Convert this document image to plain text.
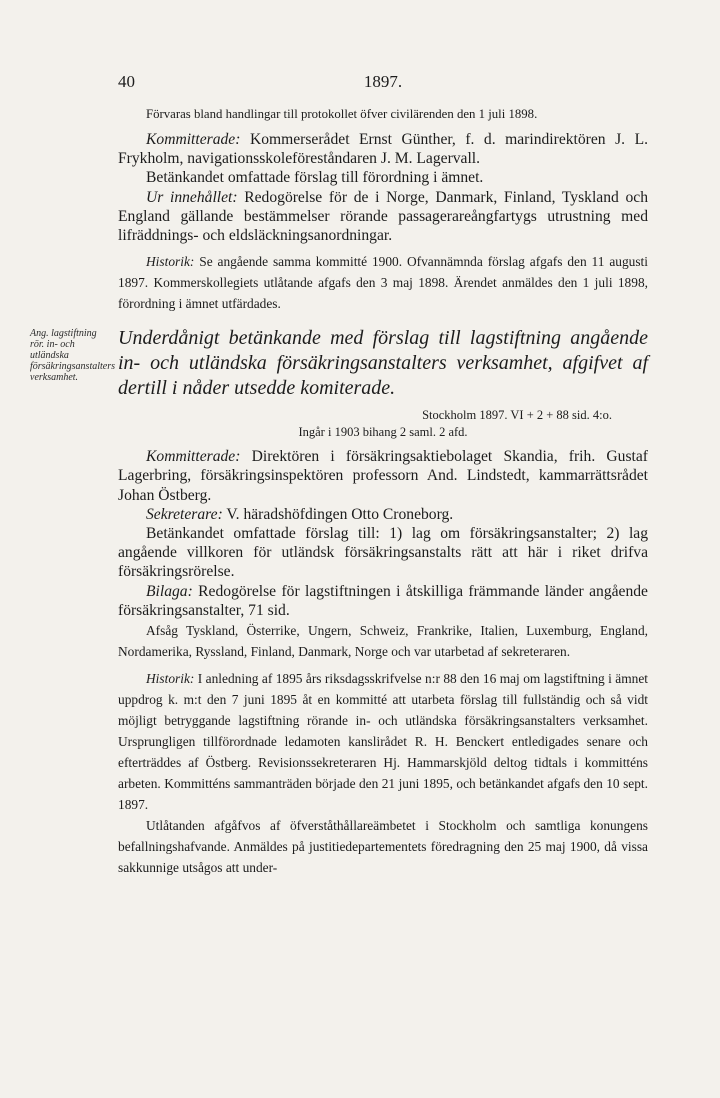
40	1897.

Förvaras bland handlingar till protokollet öfver civilärenden den 1 juli 1898.

Kommitterade: Kommerserådet Ernst Günther, f. d. marindirektören J. L. Frykholm, navigationsskoleföreståndaren J. M. Lagervall.

Betänkandet omfattade förslag till förordning i ämnet.

Ur innehållet: Redogörelse för de i Norge, Danmark, Finland, Tyskland och England gällande bestämmelser rörande passagerareångfartygs utrustning med lifräddnings- och eldsläckningsanordningar.

Historik: Se angående samma kommitté 1900. Ofvannämnda förslag afgafs den 11 augusti 1897. Kommerskollegiets utlåtande afgafs den 3 maj 1898. Ärendet anmäldes den 1 juli 1898, förordning i ämnet utfärdades.

Ang. lagstiftning rör. in- och utländska försäkringsanstalters verksamhet.

Underdånigt betänkande med förslag till lagstiftning angående in- och utländska försäkringsanstalters verksamhet, afgifvet af dertill i nåder utsedde komiterade.

Stockholm 1897. VI + 2 + 88 sid. 4:o.

Ingår i 1903 bihang 2 saml. 2 afd.

Kommitterade: Direktören i försäkringsaktiebolaget Skandia, frih. Gustaf Lagerbring, försäkringsinspektören professorn And. Lindstedt, kammarrättsrådet Johan Östberg.

Sekreterare: V. häradshöfdingen Otto Croneborg.

Betänkandet omfattade förslag till: 1) lag om försäkringsanstalter; 2) lag angående villkoren för utländsk försäkringsanstalts rätt att här i riket drifva försäkringsrörelse.

Bilaga: Redogörelse för lagstiftningen i åtskilliga främmande länder angående försäkringsanstalter, 71 sid.

Afsåg Tyskland, Österrike, Ungern, Schweiz, Frankrike, Italien, Luxemburg, England, Nordamerika, Ryssland, Finland, Danmark, Norge och var utarbetad af sekreteraren.

Historik: I anledning af 1895 års riksdagsskrifvelse n:r 88 den 16 maj om lagstiftning i ämnet uppdrog k. m:t den 7 juni 1895 åt en kommitté att utarbeta förslag till fullständig och så vidt möjligt betryggande lagstiftning rörande in- och utländska försäkringsanstalters verksamhet. Ursprungligen tillförordnade ledamoten kanslirådet R. H. Benckert entledigades senare och efterträddes af Östberg. Revisionssekreteraren Hj. Hammarskjöld deltog tidtals i kommitténs arbeten. Kommitténs sammanträden började den 21 juni 1895, och betänkandet afgafs den 10 sept. 1897.

Utlåtanden afgåfvos af öfverståthållareämbetet i Stockholm och samtliga konungens befallningshafvande. Anmäldes på justitiedepartementets föredragning den 25 maj 1900, då vissa sakkunnige utsågos att under-
